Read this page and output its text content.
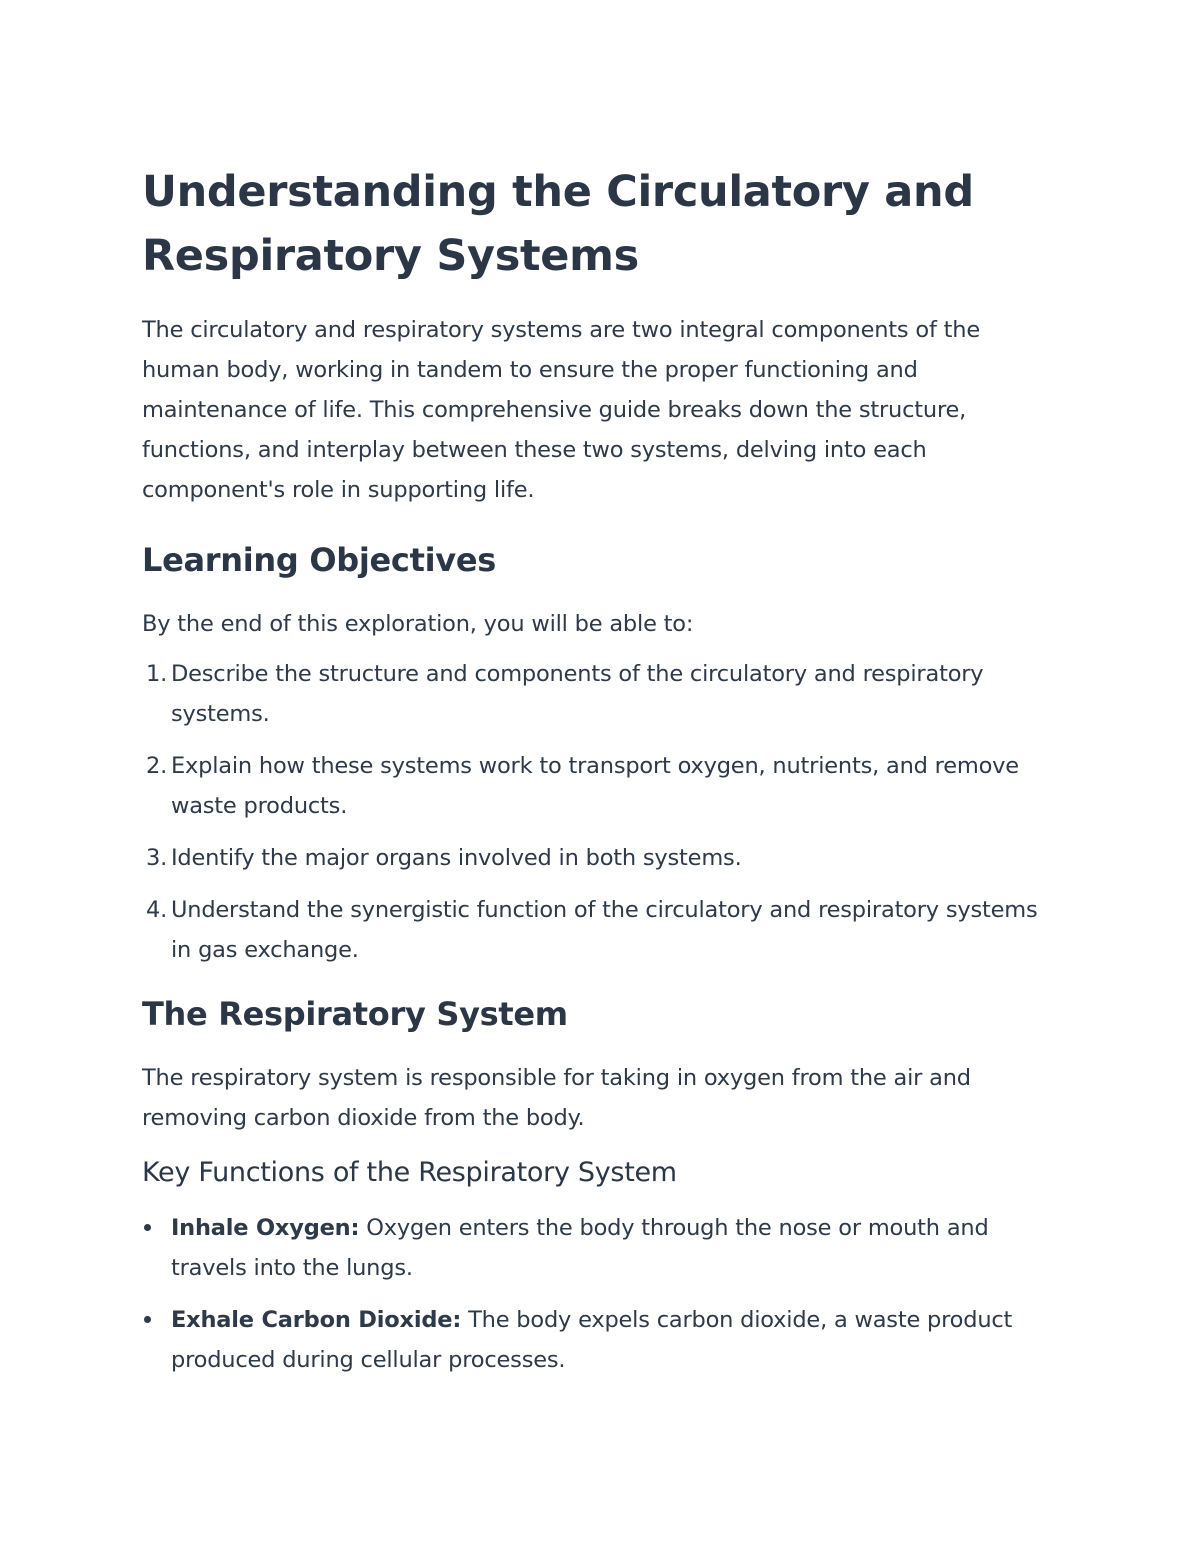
Understanding the Circulatory and Respiratory Systems

The circulatory and respiratory systems are two integral components of the human body, working in tandem to ensure the proper functioning and maintenance of life. This comprehensive guide breaks down the structure, functions, and interplay between these two systems, delving into each component's role in supporting life.

Learning Objectives

By the end of this exploration, you will be able to:

1. Describe the structure and components of the circulatory and respiratory systems.
2. Explain how these systems work to transport oxygen, nutrients, and remove waste products.
3. Identify the major organs involved in both systems.
4. Understand the synergistic function of the circulatory and respiratory systems in gas exchange.
The Respiratory System

The respiratory system is responsible for taking in oxygen from the air and removing carbon dioxide from the body.

Key Functions of the Respiratory System
Inhale Oxygen: Oxygen enters the body through the nose or mouth and travels into the lungs.
Exhale Carbon Dioxide: The body expels carbon dioxide, a waste product produced during cellular processes.
